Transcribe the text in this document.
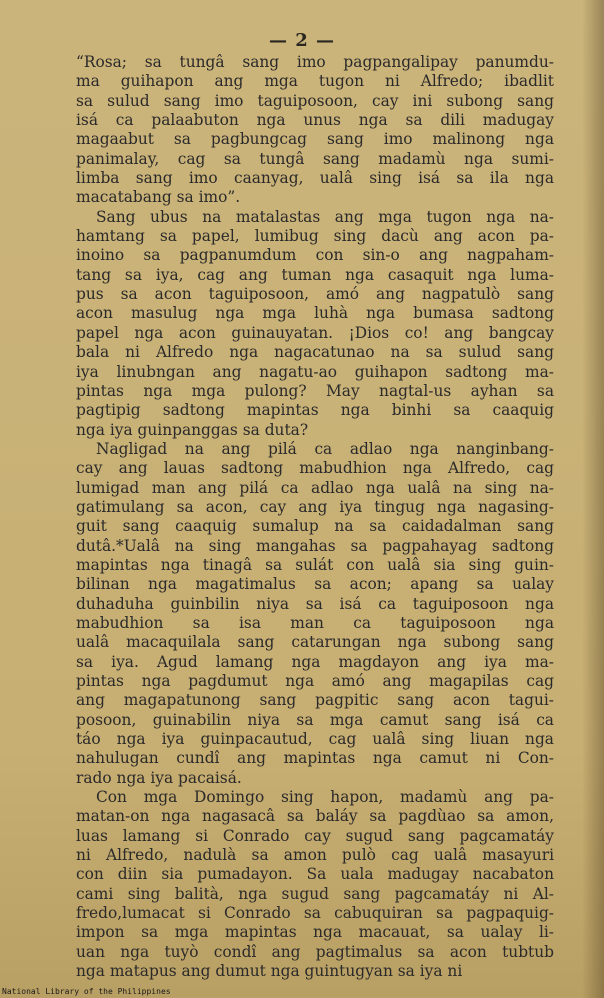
— 2 —
“Rosa; sa tungâ sang imo pagpangalipay panumdu-
ma guihapon ang mga tugon ni Alfredo; ibadlit
sa sulud sang imo taguiposoon, cay ini subong sang
isá ca palaabuton nga unus nga sa dili madugay
magaabut sa pagbungcag sang imo malinong nga
panimalay, cag sa tungâ sang madamù nga sumi-
limba sang imo caanyag, ualâ sing isá sa ila nga
macatabang sa imo”.
Sang ubus na matalastas ang mga tugon nga na-
hamtang sa papel, lumibug sing dacù ang acon pa-
inoino sa pagpanumdum con sin-o ang nagpaham-
tang sa iya, cag ang tuman nga casaquit nga luma-
pus sa acon taguiposoon, amó ang nagpatulò sang
acon masulug nga mga luhà nga bumasa sadtong
papel nga acon guinauyatan. ¡Dios co! ang bangcay
bala ni Alfredo nga nagacatunao na sa sulud sang
iya linubngan ang nagatu-ao guihapon sadtong ma-
pintas nga mga pulong? May nagtal-us ayhan sa
pagtipig sadtong mapintas nga binhi sa caaquig
nga iya guinpanggas sa duta?
Nagligad na ang pilá ca adlao nga nanginbang-
cay ang lauas sadtong mabudhion nga Alfredo, cag
lumigad man ang pilá ca adlao nga ualâ na sing na-
gatimulang sa acon, cay ang iya tingug nga nagasing-
guit sang caaquig sumalup na sa caidadalman sang
dutâ.*Ualâ na sing mangahas sa pagpahayag sadtong
mapintas nga tinagâ sa sulát con ualâ sia sing guin-
bilinan nga magatimalus sa acon; apang sa ualay
duhaduha guinbilin niya sa isá ca taguiposoon nga
mabudhion sa isa man ca taguiposoon nga
ualâ macaquilala sang catarungan nga subong sang
sa iya. Agud lamang nga magdayon ang iya ma-
pintas nga pagdumut nga amó ang magapilas cag
ang magapatunong sang pagpitic sang acon tagui-
posoon, guinabilin niya sa mga camut sang isá ca
táo nga iya guinpacautud, cag ualâ sing liuan nga
nahulugan cundî ang mapintas nga camut ni Con-
rado nga iya pacaisá.
Con mga Domingo sing hapon, madamù ang pa-
matan-on nga nagasacâ sa baláy sa pagdùao sa amon,
luas lamang si Conrado cay sugud sang pagcamatáy
ni Alfredo, nadulà sa amon pulò cag ualâ masayuri
con diin sia pumadayon. Sa uala madugay nacabaton
cami sing balità, nga sugud sang pagcamatáy ni Al-
fredo,lumacat si Conrado sa cabuquiran sa pagpaquig-
impon sa mga mapintas nga macauat, sa ualay li-
uan nga tuyò condî ang pagtimalus sa acon tubtub
nga matapus ang dumut nga guintugyan sa iya ni
National Library of the Philippines
